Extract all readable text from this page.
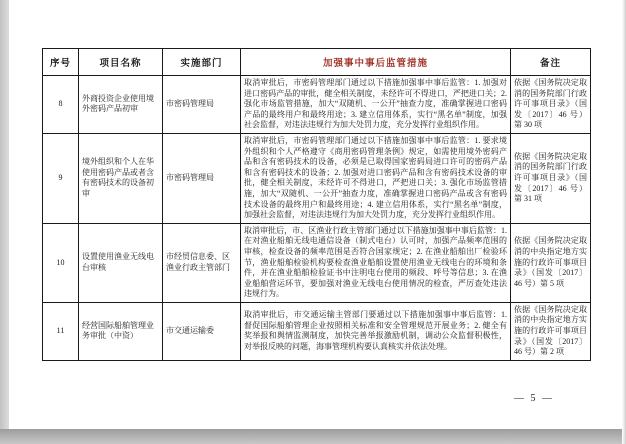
序号	项目名称	实施部门	加强事中事后监管措施	备注
8	外商投资企业使用境外密码产品初审	市密码管理局	取消审批后，市密码管理部门通过以下措施加强事中事后监管：1. 加强对进口密码产品的审批，健全相关制度，未经许可不得进口，严把进口关；2. 强化市场监管措施，加大“双随机、一公开”抽查力度，准确掌握进口密码产品的最终用户和最终用途；3. 建立信用体系，实行“黑名单”制度，加强社会监督，对违法违规行为加大处罚力度，充分发挥行业组织作用。	依据《国务院决定取消的国务院部门行政许可事项目录》（国发〔2017〕46 号）第 30 项
9	境外组织和个人在华使用密码产品或者含有密码技术的设备初审	市密码管理局	取消审批后，市密码管理部门通过以下措施加强事中事后监管：1. 要求境外组织和个人严格遵守《商用密码管理条例》规定，如需使用境外密码产品和含有密码技术的设备，必须是已取得国家密码局进口许可的密码产品和含有密码技术的设备；2. 加强对进口密码产品和含有密码技术设备的审批，健全相关制度，未经许可不得进口，严把进口关；3. 强化市场监管措施，加大“双随机、一公开”抽查力度，准确掌握进口密码产品或含有密码技术设备的最终用户和最终用途；4. 建立信用体系，实行“黑名单”制度，加强社会监督，对违法违规行为加大处罚力度，充分发挥行业组织作用。	依据《国务院决定取消的国务院部门行政许可事项目录》（国发〔2017〕46 号）第 31 项
10	设置使用渔业无线电台审核	市经贸信息委、区渔业行政主管部门	取消审批后，市、区渔业行政主管部门通过以下措施加强事中事后监管：1. 在对渔业船舶无线电通信设备（制式电台）认可时，加强产品频率范围的审核，检查设备的频率范围是否符合国家规定；2. 在渔业船舶出厂检验环节，渔业船舶检验机构要检查渔业船舶设置使用渔业无线电台的环境和条件，并在渔业船舶检验证书中注明电台使用的频段、呼号等信息；3. 在渔业船舶营运环节，要加强对渔业无线电台使用情况的检查，严厉查处违法违规行为。	依据《国务院决定取消的中央指定地方实施的行政许可事项目录》（国发〔2017〕46 号）第 5 项
11	经营国际船舶管理业务审批（中资）	市交通运输委	取消审批后，市交通运输主管部门要通过以下措施加强事中事后监管：1. 督促国际船舶管理企业按照相关标准和安全管理规范开展业务；2. 健全有奖举报和舆情监测制度，加快完善举报激励机制，调动公众监督积极性，对举报反映的问题，海事管理机构要认真核实并依法处理。	依据《国务院决定取消的中央指定地方实施的行政许可事项目录》（国发〔2017〕46 号）第 2 项
— 5 —
